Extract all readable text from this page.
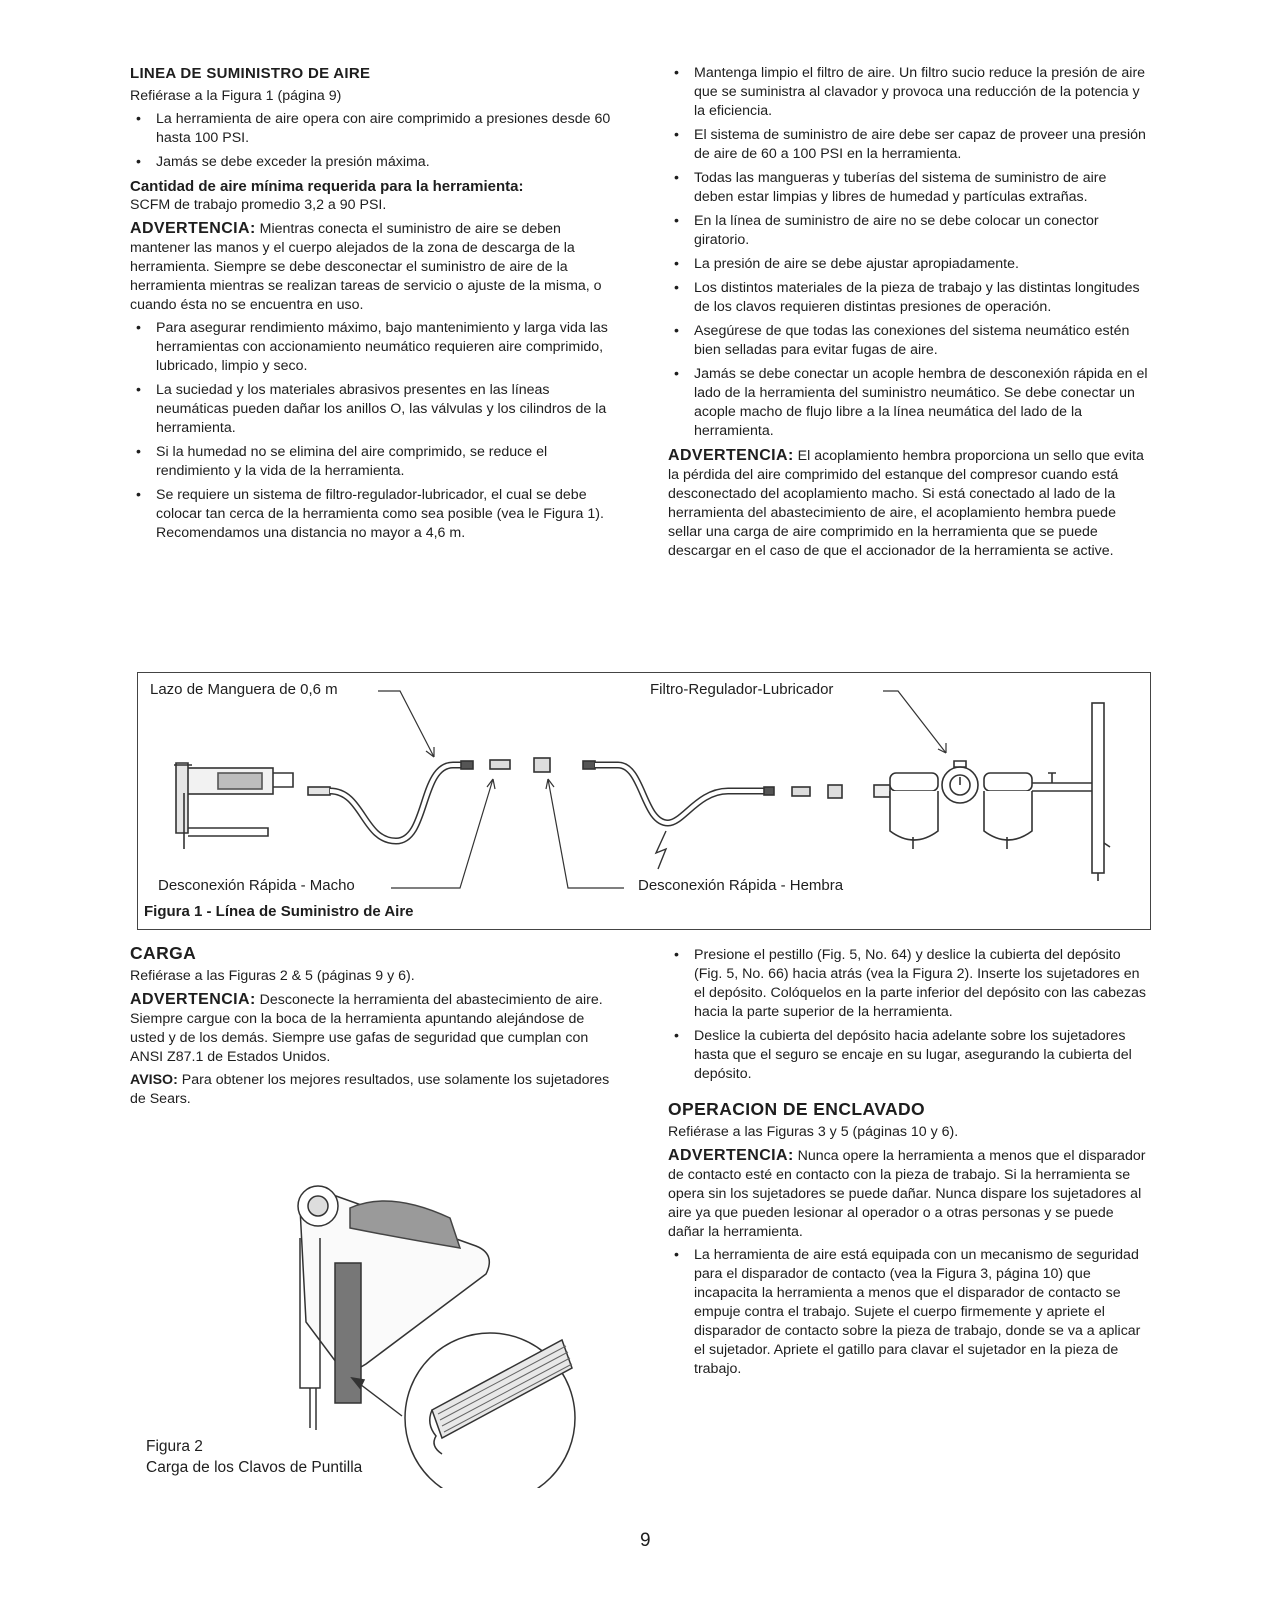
LINEA DE SUMINISTRO DE AIRE

Refiérase a la Figura 1 (página 9)

• La herramienta de aire opera con aire comprimido a presiones desde 60 hasta 100 PSI.
• Jamás se debe exceder la presión máxima.

Cantidad de aire mínima requerida para la herramienta:

SCFM de trabajo promedio 3,2 a 90 PSI.

ADVERTENCIA: Mientras conecta el suministro de aire se deben mantener las manos y el cuerpo alejados de la zona de descarga de la herramienta. Siempre se debe desconectar el suministro de aire de la herramienta mientras se realizan tareas de servicio o ajuste de la misma, o cuando ésta no se encuentra en uso.

• Para asegurar rendimiento máximo, bajo mantenimiento y larga vida las herramientas con accionamiento neumático requieren aire comprimido, lubricado, limpio y seco.
• La suciedad y los materiales abrasivos presentes en las líneas neumáticas pueden dañar los anillos O, las válvulas y los cilindros de la herramienta.
• Si la humedad no se elimina del aire comprimido, se reduce el rendimiento y la vida de la herramienta.
• Se requiere un sistema de filtro-regulador-lubricador, el cual se debe colocar tan cerca de la herramienta como sea posible (vea le Figura 1). Recomendamos una distancia no mayor a 4,6 m.
• Mantenga limpio el filtro de aire. Un filtro sucio reduce la presión de aire que se suministra al clavador y provoca una reducción de la potencia y la eficiencia.
• El sistema de suministro de aire debe ser capaz de proveer una presión de aire de 60 a 100 PSI en la herramienta.
• Todas las mangueras y tuberías del sistema de suministro de aire deben estar limpias y libres de humedad y partículas extrañas.
• En la línea de suministro de aire no se debe colocar un conector giratorio.
• La presión de aire se debe ajustar apropiadamente.
• Los distintos materiales de la pieza de trabajo y las distintas longitudes de los clavos requieren distintas presiones de operación.
• Asegúrese de que todas las conexiones del sistema neumático estén bien selladas para evitar fugas de aire.
• Jamás se debe conectar un acople hembra de desconexión rápida en el lado de la herramienta del suministro neumático. Se debe conectar un acople macho de flujo libre a la línea neumática del lado de la herramienta.

ADVERTENCIA: El acoplamiento hembra proporciona un sello que evita la pérdida del aire comprimido del estanque del compresor cuando está desconectado del acoplamiento macho. Si está conectado al lado de la herramienta del abastecimiento de aire, el acoplamiento hembra puede sellar una carga de aire comprimido en la herramienta que se puede descargar en el caso de que el accionador de la herramienta se active.

Lazo de Manguera de 0,6 m	Filtro-Regulador-Lubricador
Desconexión Rápida - Macho	Desconexión Rápida - Hembra
Figura 1 - Línea de Suministro de Aire

CARGA

Refiérase a las Figuras 2 & 5 (páginas 9 y 6).

ADVERTENCIA: Desconecte la herramienta del abastecimiento de aire. Siempre cargue con la boca de la herramienta apuntando alejándose de usted y de los demás. Siempre use gafas de seguridad que cumplan con ANSI Z87.1 de Estados Unidos.

AVISO: Para obtener los mejores resultados, use solamente los sujetadores de Sears.

Figura 2
Carga de los Clavos de Puntilla
• Presione el pestillo (Fig. 5, No. 64) y deslice la cubierta del depósito (Fig. 5, No. 66) hacia atrás (vea la Figura 2). Inserte los sujetadores en el depósito. Colóquelos en la parte inferior del depósito con las cabezas hacia la parte superior de la herramienta.
• Deslice la cubierta del depósito hacia adelante sobre los sujetadores hasta que el seguro se encaje en su lugar, asegurando la cubierta del depósito.

OPERACION DE ENCLAVADO

Refiérase a las Figuras 3 y 5 (páginas 10 y 6).

ADVERTENCIA: Nunca opere la herramienta a menos que el disparador de contacto esté en contacto con la pieza de trabajo. Si la herramienta se opera sin los sujetadores se puede dañar. Nunca dispare los sujetadores al aire ya que pueden lesionar al operador o a otras personas y se puede dañar la herramienta.

• La herramienta de aire está equipada con un mecanismo de seguridad para el disparador de contacto (vea la Figura 3, página 10) que incapacita la herramienta a menos que el disparador de contacto se empuje contra el trabajo. Sujete el cuerpo firmemente y apriete el disparador de contacto sobre la pieza de trabajo, donde se va a aplicar el sujetador. Apriete el gatillo para clavar el sujetador en la pieza de trabajo.
9
